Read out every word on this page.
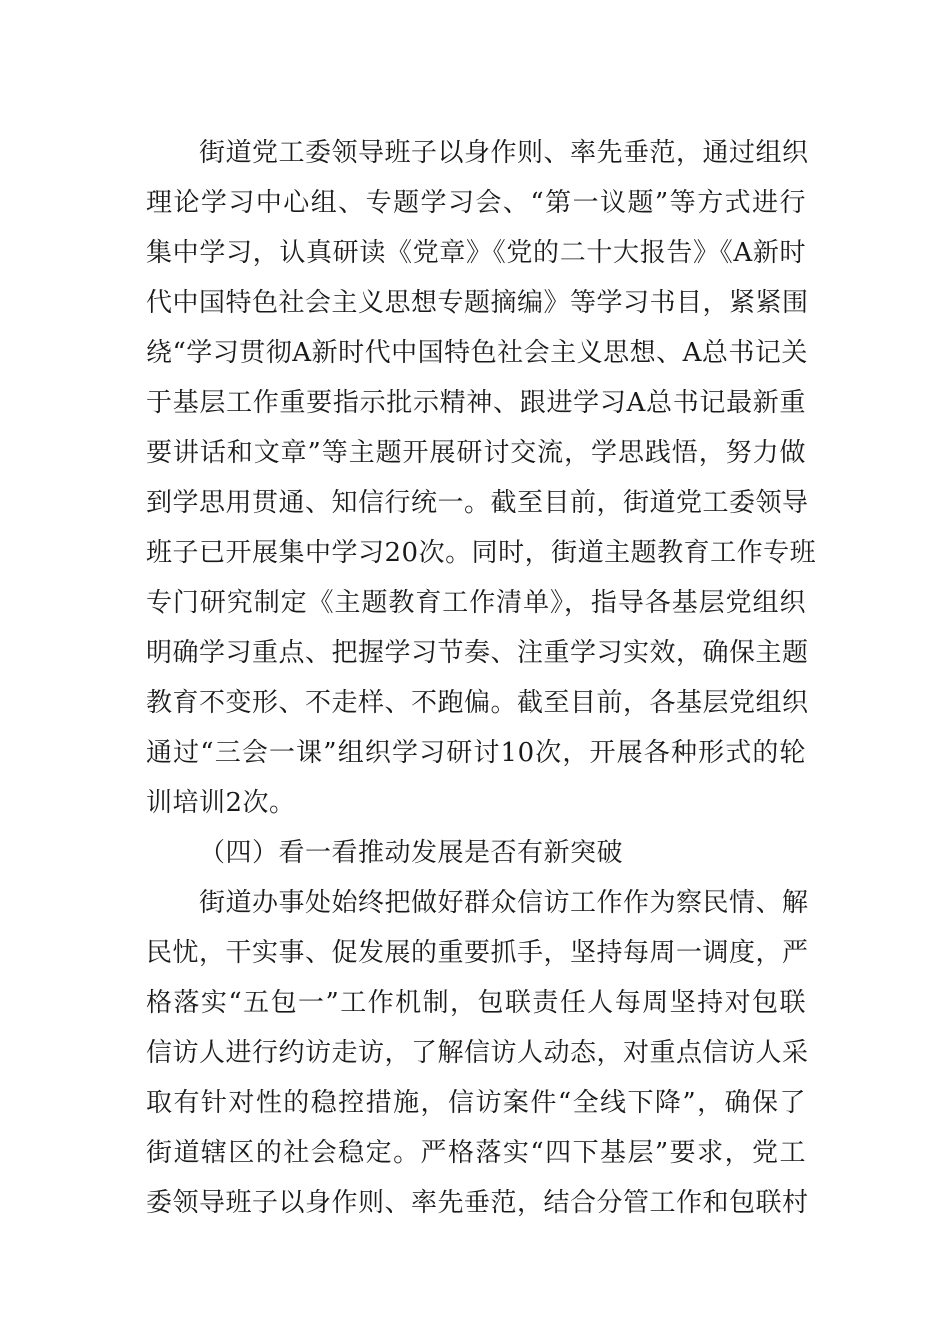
街道党工委领导班子以身作则、率先垂范，通过组织
理论学习中心组、专题学习会、“第一议题”等方式进行
集中学习，认真研读《党章》《党的二十大报告》《A新时
代中国特色社会主义思想专题摘编》等学习书目，紧紧围
绕“学习贯彻A新时代中国特色社会主义思想、A总书记关
于基层工作重要指示批示精神、跟进学习A总书记最新重
要讲话和文章”等主题开展研讨交流，学思践悟，努力做
到学思用贯通、知信行统一。截至目前，街道党工委领导
班子已开展集中学习20次。同时，街道主题教育工作专班
专门研究制定《主题教育工作清单》，指导各基层党组织
明确学习重点、把握学习节奏、注重学习实效，确保主题
教育不变形、不走样、不跑偏。截至目前，各基层党组织
通过“三会一课”组织学习研讨10次，开展各种形式的轮
训培训2次。
（四）看一看推动发展是否有新突破
街道办事处始终把做好群众信访工作作为察民情、解
民忧，干实事、促发展的重要抓手，坚持每周一调度，严
格落实“五包一”工作机制，包联责任人每周坚持对包联
信访人进行约访走访，了解信访人动态，对重点信访人采
取有针对性的稳控措施，信访案件“全线下降”，确保了
街道辖区的社会稳定。严格落实“四下基层”要求，党工
委领导班子以身作则、率先垂范，结合分管工作和包联村
